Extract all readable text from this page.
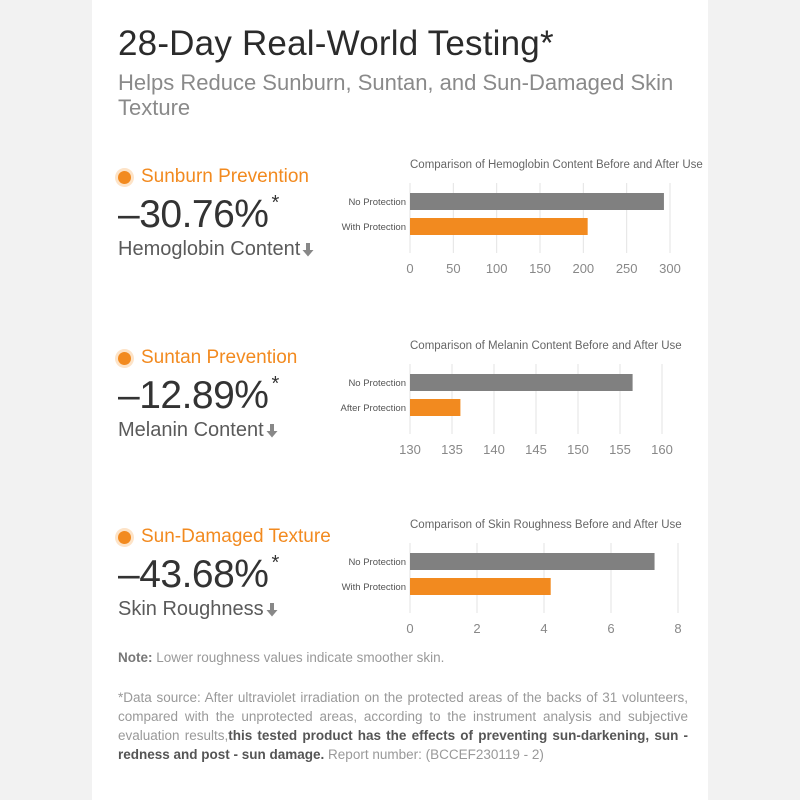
28-Day Real-World Testing*
Helps Reduce Sunburn, Suntan, and Sun-Damaged Skin Texture
Sunburn Prevention
–30.76% *
Hemoglobin Content
Comparison of Hemoglobin Content Before and After Use
0 50 100 150 200 250 300
No Protection
With Protection
Suntan Prevention
–12.89% *
Melanin Content
Comparison of Melanin Content Before and After Use
130 135 140 145 150 155 160
No Protection
After Protection
Sun-Damaged Texture
–43.68% *
Skin Roughness
Comparison of Skin Roughness Before and After Use
0	2	4	6	8
No Protection
With Protection

Note: Lower roughness values indicate smoother skin.

*Data source: After ultraviolet irradiation on the protected areas of the backs of 31 volunteers, compared with the unprotected areas, according to the instrument analysis and subjective evaluation results,this tested product has the effects of preventing sun-darkening, sun - redness and post - sun damage. Report number: (BCCEF230119 - 2)
